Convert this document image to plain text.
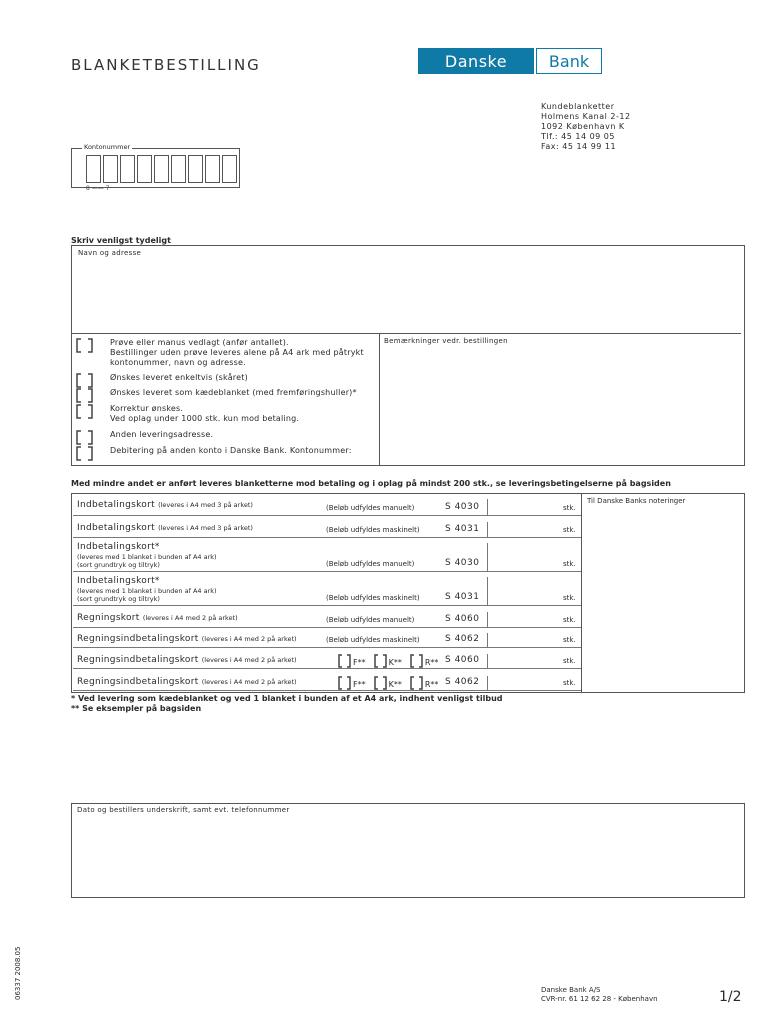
BLANKETBESTILLING	Danske	Bank
Kundeblanketter
Holmens Kanal 2-12
1092 København K
Tlf.: 45 14 09 05
Fax: 45 14 99 11
Kontonummer
8 —— 7
Skriv venligst tydeligt
Navn og adresse
Bemærkninger vedr. bestillingen
Prøve eller manus vedlagt (anfør antallet).
Bestillinger uden prøve leveres alene på A4 ark med påtrykt
kontonummer, navn og adresse.
Ønskes leveret enkeltvis (skåret)
Ønskes leveret som kædeblanket (med fremføringshuller)*
Korrektur ønskes.
Ved oplag under 1000 stk. kun mod betaling.
Anden leveringsadresse.
Debitering på anden konto i Danske Bank. Kontonummer:
Med mindre andet er anført leveres blanketterne mod betaling og i oplag på mindst 200 stk., se leveringsbetingelserne på bagsiden
Til Danske Banks noteringer
Indbetalingskort (leveres i A4 med 3 på arket)	(Beløb udfyldes manuelt)	S 4030	stk.
Indbetalingskort (leveres i A4 med 3 på arket)	(Beløb udfyldes maskinelt)	S 4031	stk.
Indbetalingskort*
(leveres med 1 blanket i bunden af A4 ark)
(sort grundtryk og tiltryk)	(Beløb udfyldes manuelt)	S 4030	stk.
Indbetalingskort*
(leveres med 1 blanket i bunden af A4 ark)
(sort grundtryk og tiltryk)	(Beløb udfyldes maskinelt)	S 4031	stk.
Regningskort (leveres i A4 med 2 på arket)	(Beløb udfyldes manuelt)	S 4060	stk.
Regningsindbetalingskort (leveres i A4 med 2 på arket)	(Beløb udfyldes maskinelt)	S 4062	stk.
Regningsindbetalingskort (leveres i A4 med 2 på arket)	F**	K**	R** S 4060	stk.
Regningsindbetalingskort (leveres i A4 med 2 på arket)	F**	K**	R** S 4062	stk.
* Ved levering som kædeblanket og ved 1 blanket i bunden af et A4 ark, indhent venligst tilbud
** Se eksempler på bagsiden
Dato og bestillers underskrift, samt evt. telefonnummer
06337 2008.05	Danske Bank A/S
CVR-nr. 61 12 62 28 - København	1/2
